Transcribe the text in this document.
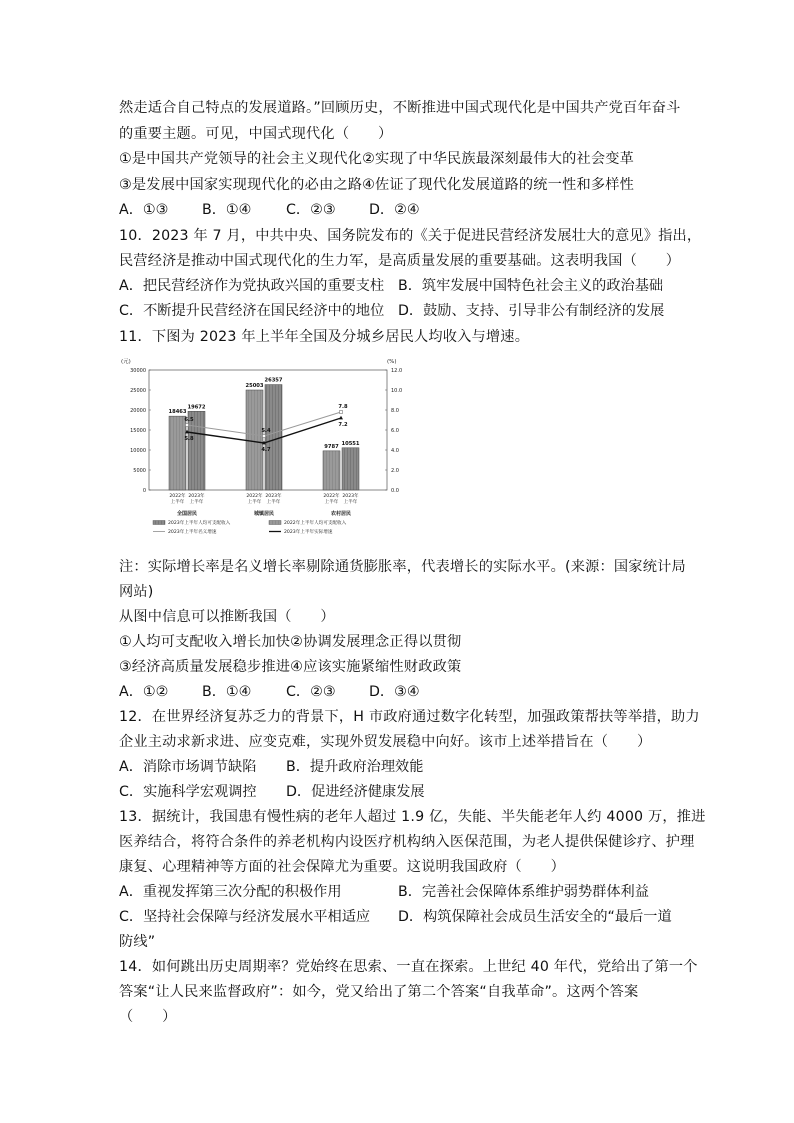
然走适合自己特点的发展道路。”回顾历史，不断推进中国式现代化是中国共产党百年奋斗
的重要主题。可见，中国式现代化（　　）
①是中国共产党领导的社会主义现代化②实现了中华民族最深刻最伟大的社会变革
③是发展中国家实现现代化的必由之路④佐证了现代化发展道路的统一性和多样性
A．①③ B．①④ C．②③ D．②④
10．2023 年 7 月，中共中央、国务院发布的《关于促进民营经济发展壮大的意见》指出，
民营经济是推动中国式现代化的生力军，是高质量发展的重要基础。这表明我国（　　）
A．把民营经济作为党执政兴国的重要支柱 B．筑牢发展中国特色社会主义的政治基础
C．不断提升民营经济在国民经济中的地位 D．鼓励、支持、引导非公有制经济的发展
11．下图为 2023 年上半年全国及分城乡居民人均收入与增速。
(元)	(%)
30000
25000
20000
15000
10000
5000
0
12.0
10.0
8.0
6.0
4.0
2.0
0.0
18463
2022年
上半年
19672
2023年
上半年
全国居民
25003
2022年
上半年
26357
2023年
上半年
城镇居民
9787
2022年
上半年
10551
2023年
上半年
农村居民
6.5
5.4
7.8
5.8
4.7
7.2
2023年上半年人均可支配收入	2022年上半年人均可支配收入
2023年上半年名义增速	2023年上半年实际增速
注：实际增长率是名义增长率剔除通货膨胀率，代表增长的实际水平。(来源：国家统计局
网站)
从图中信息可以推断我国（　　）
①人均可支配收入增长加快②协调发展理念正得以贯彻
③经济高质量发展稳步推进④应该实施紧缩性财政政策
A．①② B．①④ C．②③ D．③④
12．在世界经济复苏乏力的背景下，H 市政府通过数字化转型，加强政策帮扶等举措，助力
企业主动求新求进、应变克难，实现外贸发展稳中向好。该市上述举措旨在（　　）
A．消除市场调节缺陷 B．提升政府治理效能
C．实施科学宏观调控 D．促进经济健康发展
13．据统计，我国患有慢性病的老年人超过 1.9 亿，失能、半失能老年人约 4000 万，推进
医养结合，将符合条件的养老机构内设医疗机构纳入医保范围，为老人提供保健诊疗、护理
康复、心理精神等方面的社会保障尤为重要。这说明我国政府（　　）
A．重视发挥第三次分配的积极作用	B．完善社会保障体系维护弱势群体利益
C．坚持社会保障与经济发展水平相适应 D．构筑保障社会成员生活安全的“最后一道
防线”
14．如何跳出历史周期率？党始终在思索、一直在探索。上世纪 40 年代，党给出了第一个
答案“让人民来监督政府”：如今，党又给出了第二个答案“自我革命”。这两个答案
（　　）
